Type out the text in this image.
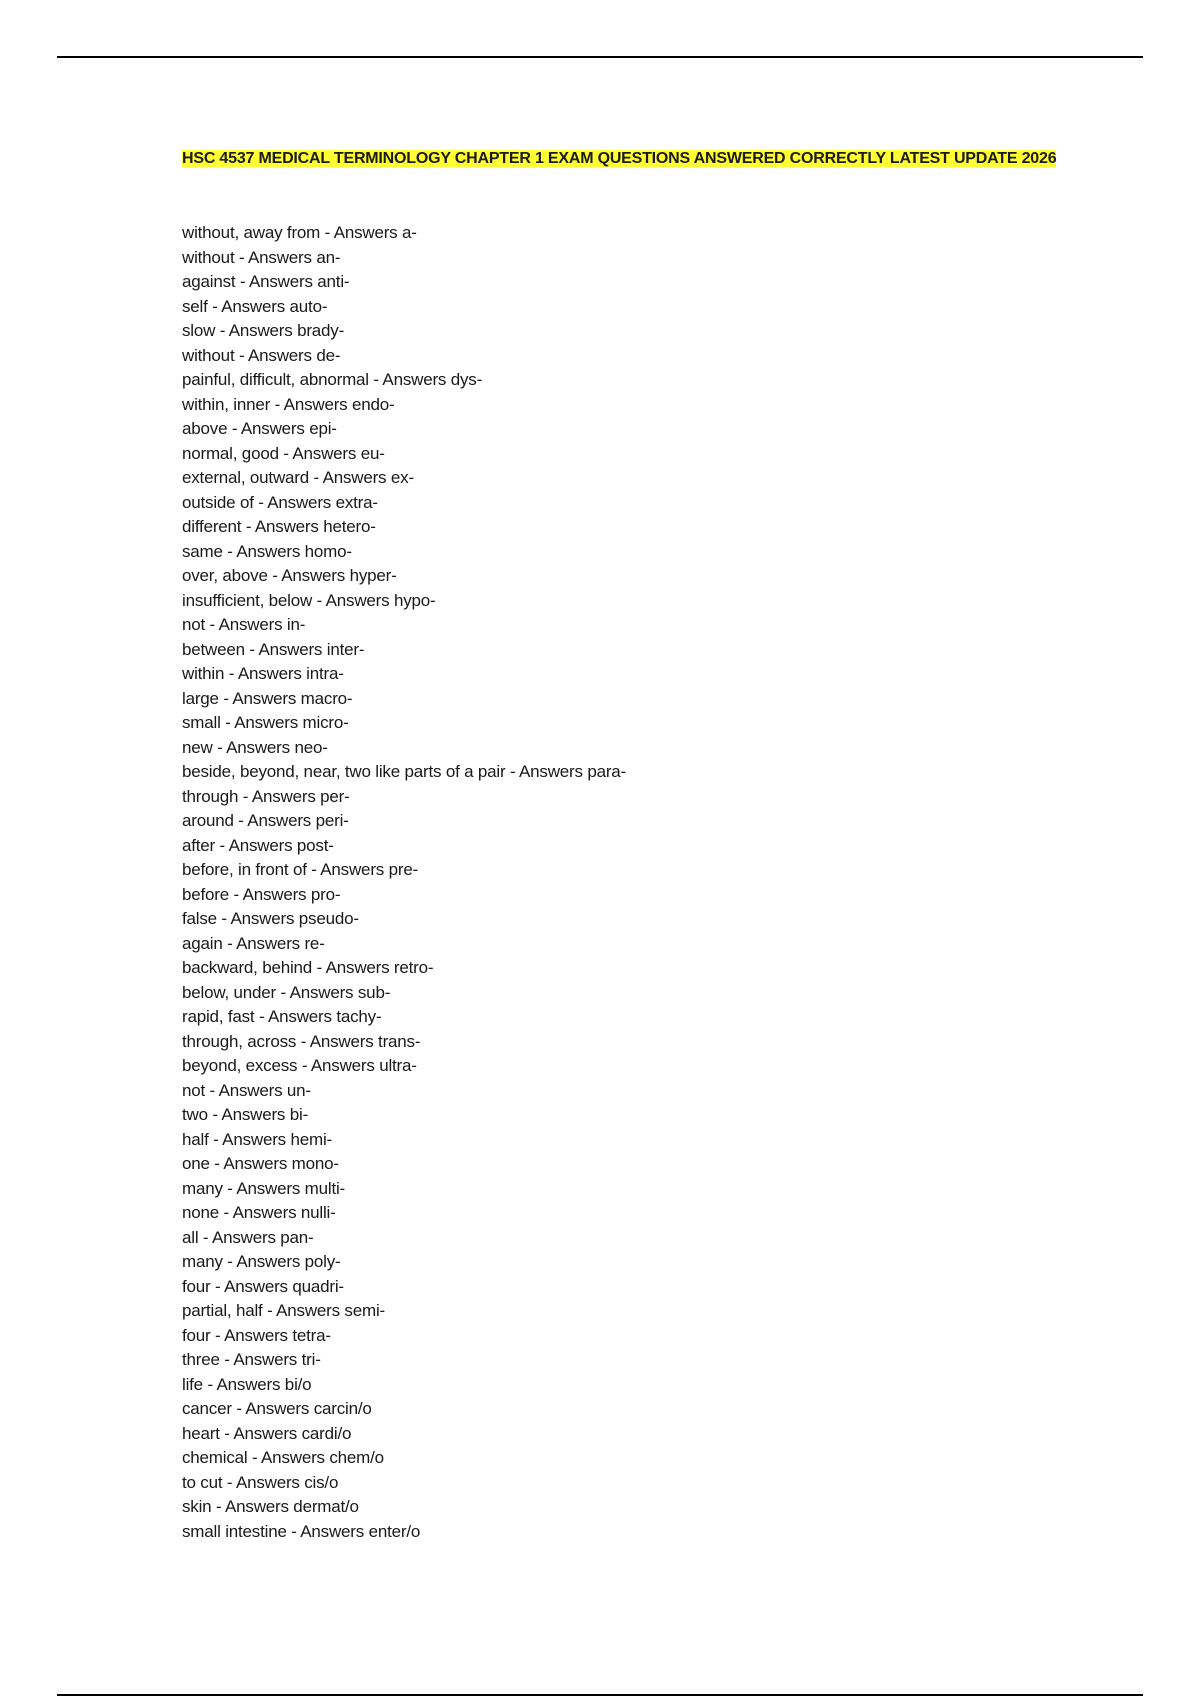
HSC 4537 MEDICAL TERMINOLOGY CHAPTER 1 EXAM QUESTIONS ANSWERED CORRECTLY LATEST UPDATE 2026
without, away from - Answers a-
without - Answers an-
against - Answers anti-
self - Answers auto-
slow - Answers brady-
without - Answers de-
painful, difficult, abnormal - Answers dys-
within, inner - Answers endo-
above - Answers epi-
normal, good - Answers eu-
external, outward - Answers ex-
outside of - Answers extra-
different - Answers hetero-
same - Answers homo-
over, above - Answers hyper-
insufficient, below - Answers hypo-
not - Answers in-
between - Answers inter-
within - Answers intra-
large - Answers macro-
small - Answers micro-
new - Answers neo-
beside, beyond, near, two like parts of a pair - Answers para-
through - Answers per-
around - Answers peri-
after - Answers post-
before, in front of - Answers pre-
before - Answers pro-
false - Answers pseudo-
again - Answers re-
backward, behind - Answers retro-
below, under - Answers sub-
rapid, fast - Answers tachy-
through, across - Answers trans-
beyond, excess - Answers ultra-
not - Answers un-
two - Answers bi-
half - Answers hemi-
one - Answers mono-
many - Answers multi-
none - Answers nulli-
all - Answers pan-
many - Answers poly-
four - Answers quadri-
partial, half - Answers semi-
four - Answers tetra-
three - Answers tri-
life - Answers bi/o
cancer - Answers carcin/o
heart - Answers cardi/o
chemical - Answers chem/o
to cut - Answers cis/o
skin - Answers dermat/o
small intestine - Answers enter/o
